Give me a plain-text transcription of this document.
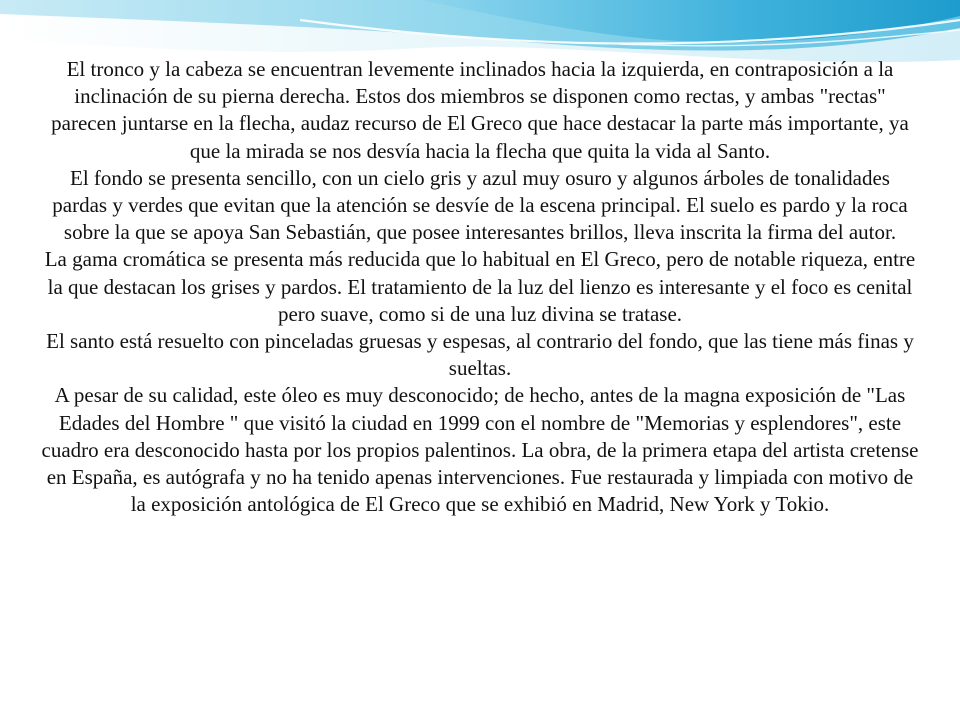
El tronco y la cabeza se encuentran levemente inclinados hacia la izquierda, en contraposición a la inclinación de su pierna derecha. Estos dos miembros se disponen como rectas, y ambas "rectas" parecen juntarse en la flecha, audaz recurso de El Greco que hace destacar la parte más importante, ya que la mirada se nos desvía hacia la flecha que quita la vida al Santo.
El fondo se presenta sencillo, con un cielo gris y azul muy osuro y algunos árboles de tonalidades pardas y verdes que evitan que la atención se desvíe de la escena principal. El suelo es pardo y la roca sobre la que se apoya San Sebastián, que posee interesantes brillos, lleva inscrita la firma del autor.
La gama cromática se presenta más reducida que lo habitual en El Greco, pero de notable riqueza, entre la que destacan los grises y pardos. El tratamiento de la luz del lienzo es interesante y el foco es cenital pero suave, como si de una luz divina se tratase.
El santo está resuelto con pinceladas gruesas y espesas, al contrario del fondo, que las tiene más finas y sueltas.
A pesar de su calidad, este óleo es muy desconocido; de hecho, antes de la magna exposición de "Las Edades del Hombre " que visitó la ciudad en 1999 con el nombre de "Memorias y esplendores", este cuadro era desconocido hasta por los propios palentinos. La obra, de la primera etapa del artista cretense en España, es autógrafa y no ha tenido apenas intervenciones. Fue restaurada y limpiada con motivo de la exposición antológica de El Greco que se exhibió en Madrid, New York y Tokio.
